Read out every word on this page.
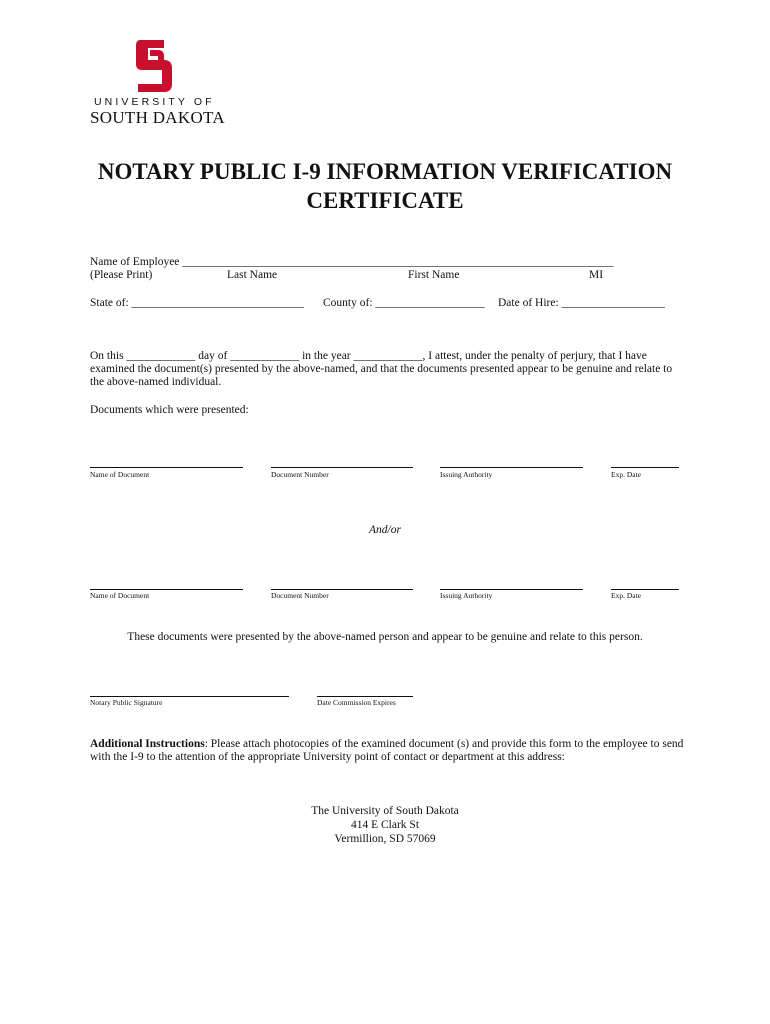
UNIVERSITY OF
SOUTH DAKOTA
NOTARY PUBLIC I-9 INFORMATION VERIFICATION
CERTIFICATE
Name of Employee ___________________________________________________________________________
(Please Print)	Last Name	First Name	MI
State of: ______________________________ County of: ___________________ Date of Hire: __________________
On this ____________ day of ____________ in the year ____________, I attest, under the penalty of perjury, that I have
examined the document(s) presented by the above-named, and that the documents presented appear to be genuine and relate to
the above-named individual.
Documents which were presented:
Name of Document	Document Number	Issuing Authority	Exp. Date
And/or
Name of Document	Document Number	Issuing Authority	Exp. Date
These documents were presented by the above-named person and appear to be genuine and relate to this person.
Notary Public Signature	Date Commission Expires
Additional Instructions: Please attach photocopies of the examined document (s) and provide this form to the employee to send
with the I-9 to the attention of the appropriate University point of contact or department at this address:
The University of South Dakota
414 E Clark St
Vermillion, SD 57069
